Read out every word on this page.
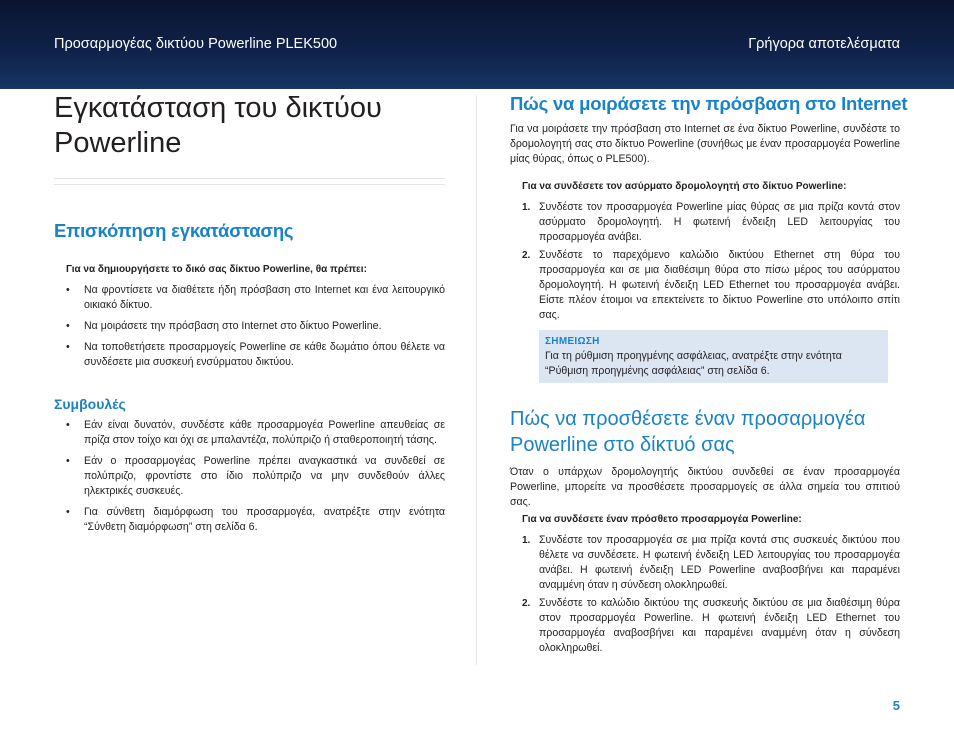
Προσαρμογέας δικτύου Powerline PLEK500	Γρήγορα αποτελέσματα
Εγκατάσταση του δικτύου Powerline
Επισκόπηση εγκατάστασης
Για να δημιουργήσετε το δικό σας δίκτυο Powerline, θα πρέπει:
• Να φροντίσετε να διαθέτετε ήδη πρόσβαση στο Internet και ένα λειτουργικό οικιακό δίκτυο.
• Να μοιράσετε την πρόσβαση στο Internet στο δίκτυο Powerline.
• Να τοποθετήσετε προσαρμογείς Powerline σε κάθε δωμάτιο όπου θέλετε να συνδέσετε μια συσκευή ενσύρματου δικτύου.
Συμβουλές
• Εάν είναι δυνατόν, συνδέστε κάθε προσαρμογέα Powerline απευθείας σε πρίζα στον τοίχο και όχι σε μπαλαντέζα, πολύπριζο ή σταθεροποιητή τάσης.
• Εάν ο προσαρμογέας Powerline πρέπει αναγκαστικά να συνδεθεί σε πολύπριζο, φροντίστε στο ίδιο πολύπριζο να μην συνδεθούν άλλες ηλεκτρικές συσκευές.
• Για σύνθετη διαμόρφωση του προσαρμογέα, ανατρέξτε στην ενότητα “Σύνθετη διαμόρφωση” στη σελίδα 6.
Πώς να μοιράσετε την πρόσβαση στο Internet
Για να μοιράσετε την πρόσβαση στο Internet σε ένα δίκτυο Powerline, συνδέστε το δρομολογητή σας στο δίκτυο Powerline (συνήθως με έναν προσαρμογέα Powerline μίας θύρας, όπως ο PLE500).
Για να συνδέσετε τον ασύρματο δρομολογητή στο δίκτυο Powerline:
1. Συνδέστε τον προσαρμογέα Powerline μίας θύρας σε μια πρίζα κοντά στον ασύρματο δρομολογητή. Η φωτεινή ένδειξη LED λειτουργίας του προσαρμογέα ανάβει.
2. Συνδέστε το παρεχόμενο καλώδιο δικτύου Ethernet στη θύρα του προσαρμογέα και σε μια διαθέσιμη θύρα στο πίσω μέρος του ασύρματου δρομολογητή. Η φωτεινή ένδειξη LED Ethernet του προσαρμογέα ανάβει. Είστε πλέον έτοιμοι να επεκτείνετε το δίκτυο Powerline στο υπόλοιπο σπίτι σας.
ΣΗΜΕΙΩΣΗ
Για τη ρύθμιση προηγμένης ασφάλειας, ανατρέξτε στην ενότητα “Ρύθμιση προηγμένης ασφάλειας” στη σελίδα 6.
Πώς να προσθέσετε έναν προσαρμογέα Powerline στο δίκτυό σας
Όταν ο υπάρχων δρομολογητής δικτύου συνδεθεί σε έναν προσαρμογέα Powerline, μπορείτε να προσθέσετε προσαρμογείς σε άλλα σημεία του σπιτιού σας.
Για να συνδέσετε έναν πρόσθετο προσαρμογέα Powerline:
1. Συνδέστε τον προσαρμογέα σε μια πρίζα κοντά στις συσκευές δικτύου που θέλετε να συνδέσετε. Η φωτεινή ένδειξη LED λειτουργίας του προσαρμογέα ανάβει. Η φωτεινή ένδειξη LED Powerline αναβοσβήνει και παραμένει αναμμένη όταν η σύνδεση ολοκληρωθεί.
2. Συνδέστε το καλώδιο δικτύου της συσκευής δικτύου σε μια διαθέσιμη θύρα στον προσαρμογέα Powerline. Η φωτεινή ένδειξη LED Ethernet του προσαρμογέα αναβοσβήνει και παραμένει αναμμένη όταν η σύνδεση ολοκληρωθεί.
5
